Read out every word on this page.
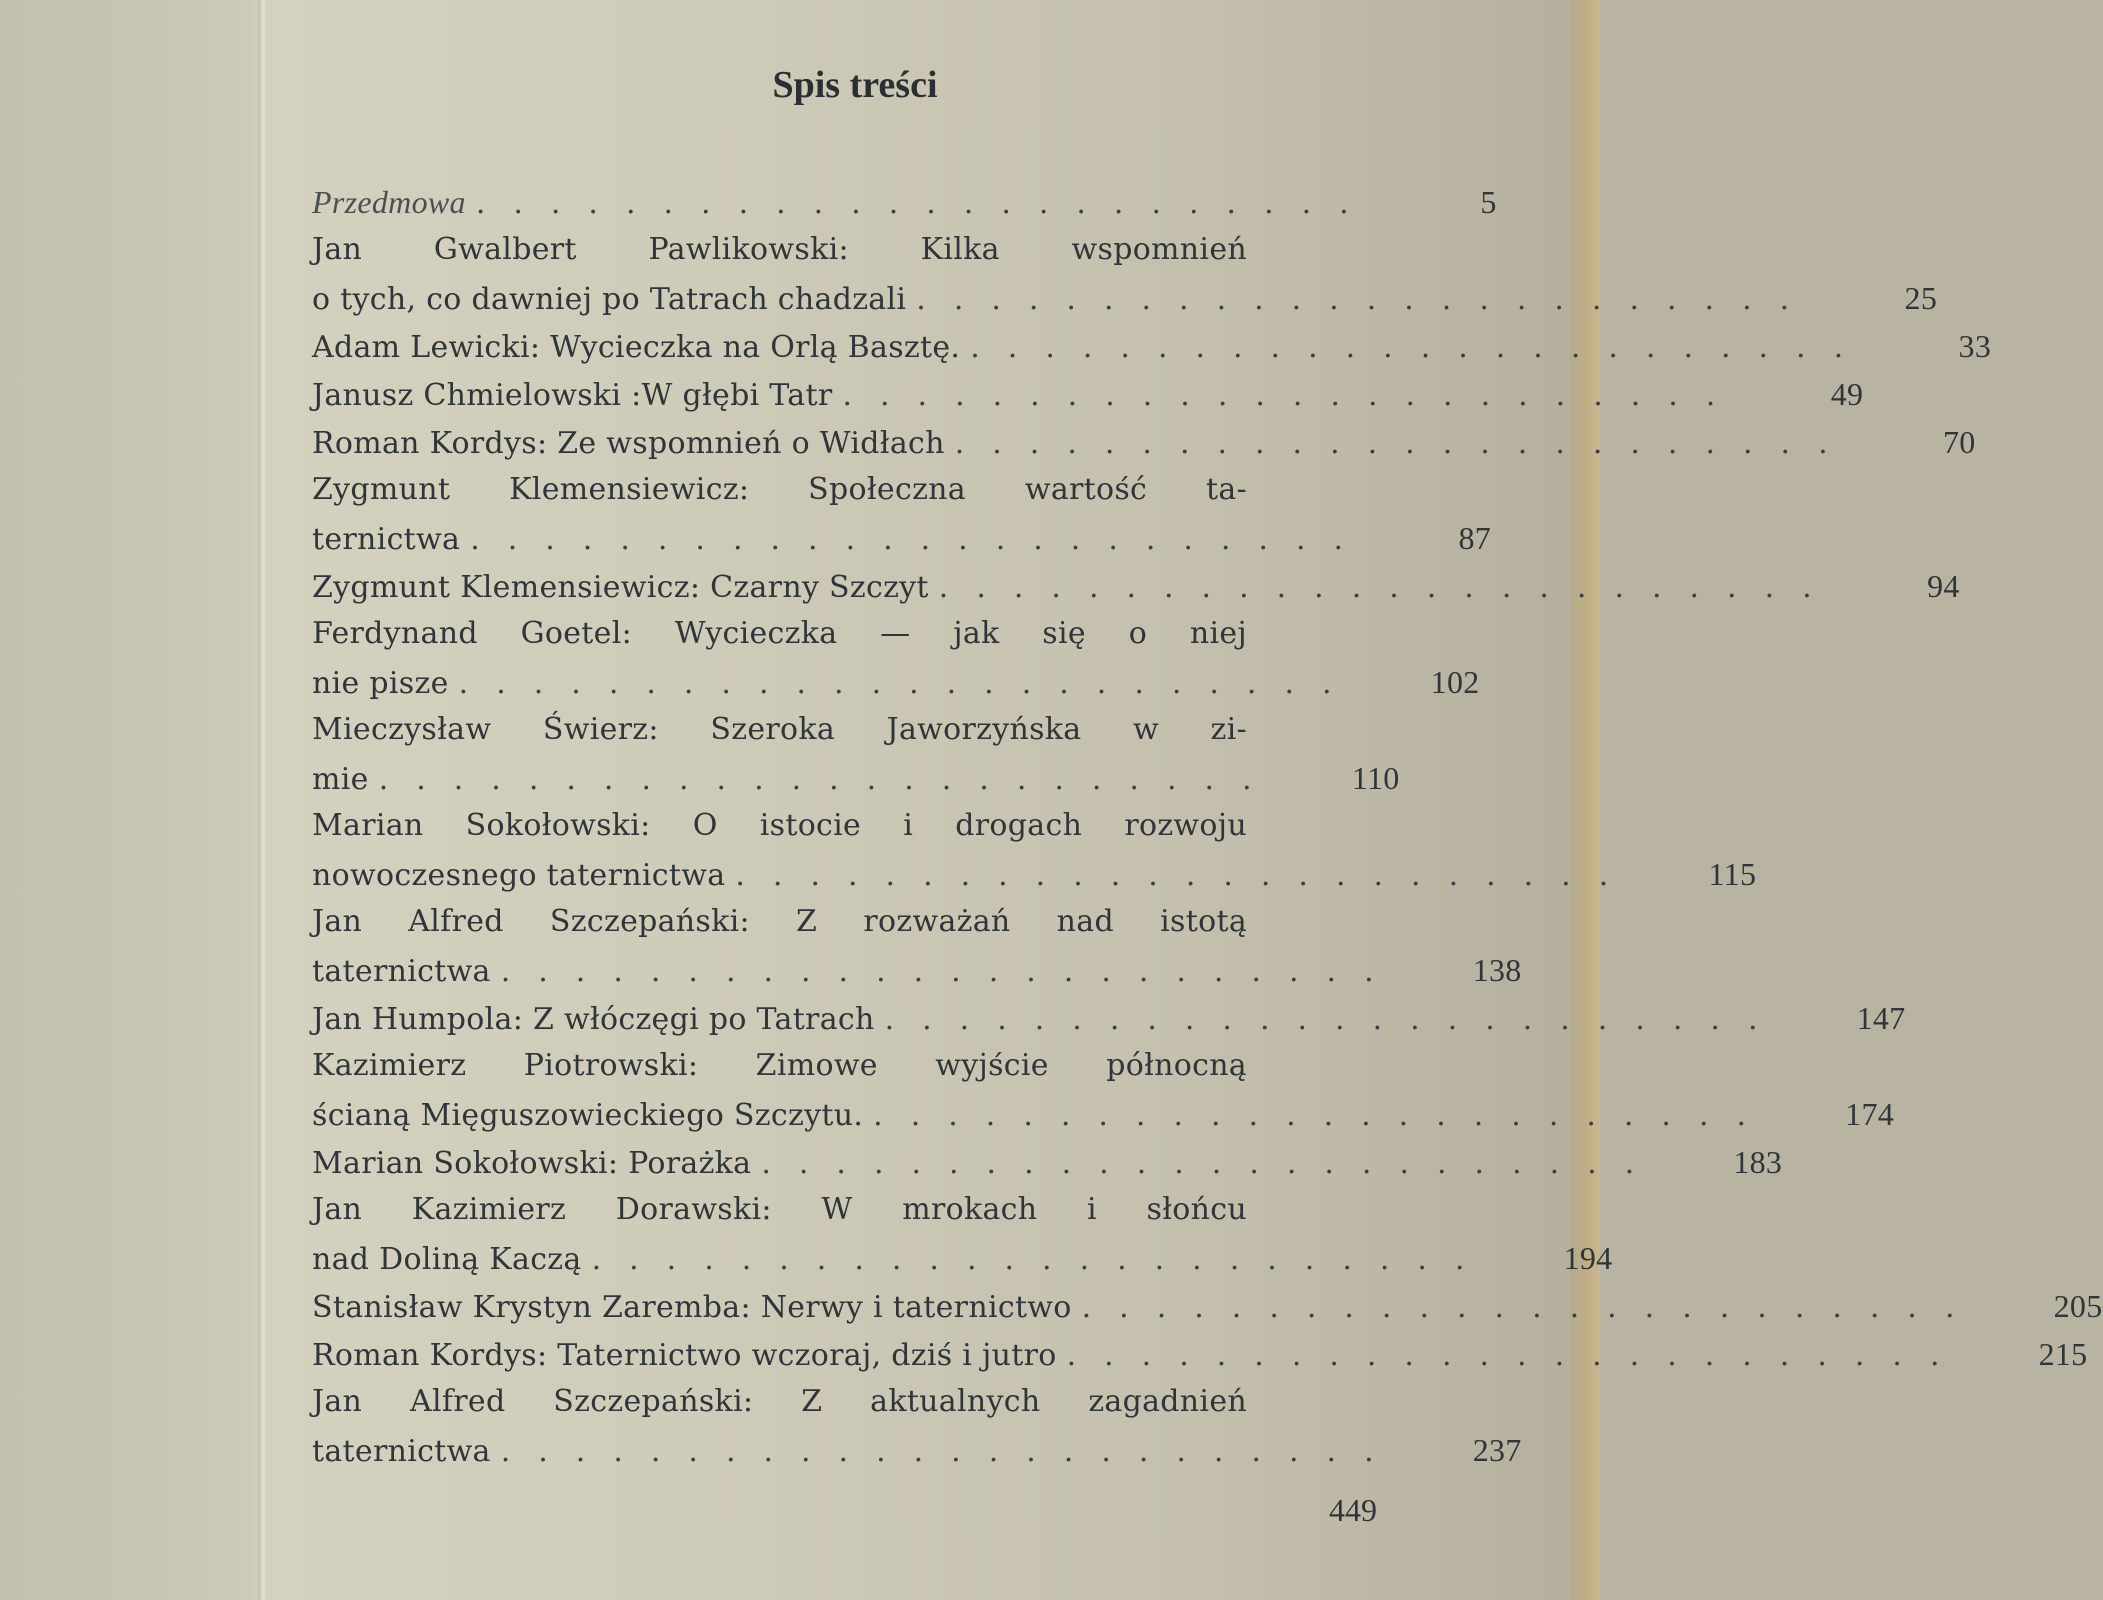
Spis treści
Przedmowa ........................	5
Jan Gwalbert Pawlikowski: Kilka wspomnień
o tych, co dawniej po Tatrach chadzali ........................	25
Adam Lewicki: Wycieczka na Orlą Basztę. ........................	33
Janusz Chmielowski :W głębi Tatr ........................	49
Roman Kordys: Ze wspomnień o Widłach ........................	70
Zygmunt Klemensiewicz: Społeczna wartość ta-
ternictwa ........................	87
Zygmunt Klemensiewicz: Czarny Szczyt ........................	94
Ferdynand Goetel: Wycieczka — jak się o niej
nie pisze ........................	102
Mieczysław Świerz: Szeroka Jaworzyńska w zi-
mie ........................	110
Marian Sokołowski: O istocie i drogach rozwoju
nowoczesnego taternictwa ........................	115
Jan Alfred Szczepański: Z rozważań nad istotą
taternictwa ........................	138
Jan Humpola: Z włóczęgi po Tatrach ........................	147
Kazimierz Piotrowski: Zimowe wyjście północną
ścianą Mięguszowieckiego Szczytu. ........................	174
Marian Sokołowski: Porażka ........................	183
Jan Kazimierz Dorawski: W mrokach i słońcu
nad Doliną Kaczą ........................	194
Stanisław Krystyn Zaremba: Nerwy i taternictwo ........................	205
Roman Kordys: Taternictwo wczoraj, dziś i jutro ........................	215
Jan Alfred Szczepański: Z aktualnych zagadnień
taternictwa ........................	237
449
